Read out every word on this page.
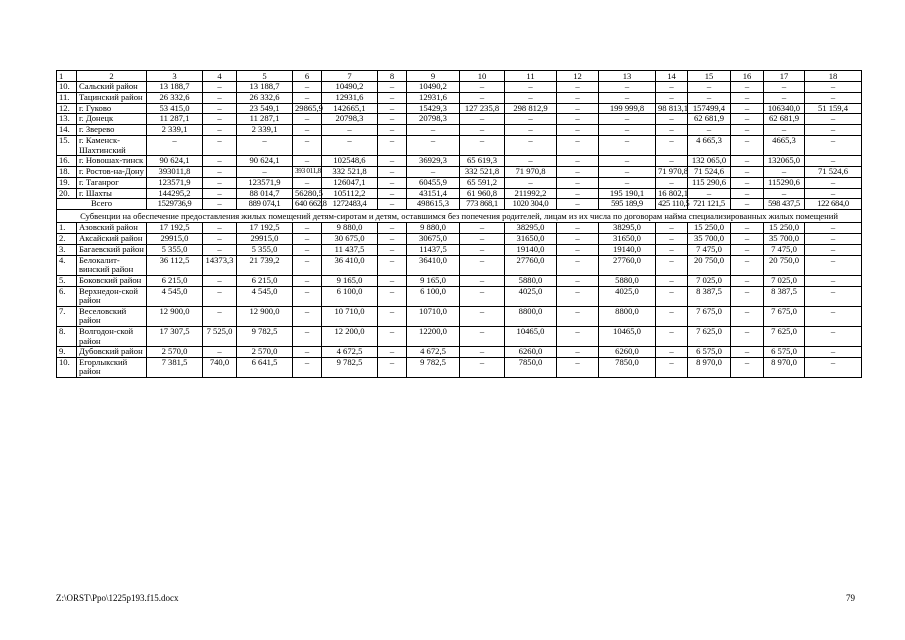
1	2	3	4	5	6	7	8	9	10	11	12	13	14	15	16	17	18
10.	Сальский район	13 188,7	–	13 188,7	–	10490,2	–	10490,2	–	–	–	–	–	–	–	–	–
11.	Тацинский район	26 332,6	–	26 332,6	–	12931,6	–	12931,6	–	–	–	–	–	–	–	–	–
12.	г. Гуково	53 415,0	–	23 549,1	29865,9	142665,1	–	15429,3	127 235,8	298 812,9	–	199 999,8	98 813,1	157499,4	–	106340,0	51 159,4
13.	г. Донецк	11 287,1	–	11 287,1	–	20798,3	–	20798,3	–	–	–	–	–	62 681,9	–	62 681,9	–
14.	г. Зверево	2 339,1	–	2 339,1	–	–	–	–	–	–	–	–	–	–	–	–	–
15.	г. Каменск-Шахтинский	–	–	–	–	–	–	–	–	–	–	–	–	4 665,3	–	4665,3	–
16.	г. Новошах-тинск	90 624,1	–	90 624,1	–	102548,6	–	36929,3	65 619,3	–	–	–	–	132 065,0	–	132065,0	–
18.	г. Ростов-на-Дону	393011,8	–	–	393 011,8	332 521,8	–	–	332 521,8	71 970,8	–	–	71 970,8	71 524,6	–	–	71 524,6
19.	г. Таганрог	123571,9	–	123571,9	–	126047,1	–	60455,9	65 591,2	–	–	–	–	115 290,6	–	115290,6	–
20.	г. Шахты	144295,2	–	88 014,7	56280,5	105112,2	–	43151,4	61 960,8	211992,2	–	195 190,1	16 802,1	–	–	–	–
Всего		1529736,9	–	889 074,1	640 662,8	1272483,4	–	498615,3	773 868,1	1020 304,0	–	595 189,9	425 110,5	721 121,5	–	598 437,5	122 684,0
Субвенции на обеспечение предоставления жилых помещений детям-сиротам и детям, оставшимся без попечения родителей, лицам из их числа по договорам найма специализированных жилых помещений																	
1.	Азовский район	17 192,5	–	17 192,5	–	9 880,0	–	9 880,0	–	38295,0	–	38295,0	–	15 250,0	–	15 250,0	–
2.	Аксайский район	29915,0	–	29915,0	–	30 675,0	–	30675,0	–	31650,0	–	31650,0	–	35 700,0	–	35 700,0	–
3.	Багаевский район	5 355,0	–	5 355,0	–	11 437,5	–	11437,5	–	19140,0	–	19140,0	–	7 475,0	–	7 475,0	–
4.	Белокалит-винский район	36 112,5	14373,3	21 739,2	–	36 410,0	–	36410,0	–	27760,0	–	27760,0	–	20 750,0	–	20 750,0	–
5.	Боковский район	6 215,0	–	6 215,0	–	9 165,0	–	9 165,0	–	5880,0	–	5880,0	–	7 025,0	–	7 025,0	–
6.	Верхнедон-ской район	4 545,0	–	4 545,0	–	6 100,0	–	6 100,0	–	4025,0	–	4025,0	–	8 387,5	–	8 387,5	–
7.	Веселовский район	12 900,0	–	12 900,0	–	10 710,0	–	10710,0	–	8800,0	–	8800,0	–	7 675,0	–	7 675,0	–
8.	Волгодон-ской район	17 307,5	7 525,0	9 782,5	–	12 200,0	–	12200,0	–	10465,0	–	10465,0	–	7 625,0	–	7 625,0	–
9.	Дубовский район	2 570,0	–	2 570,0	–	4 672,5	–	4 672,5	–	6260,0	–	6260,0	–	6 575,0	–	6 575,0	–
10.	Егорлыкский район	7 381,5	740,0	6 641,5	–	9 782,5	–	9 782,5	–	7850,0	–	7850,0	–	8 970,0	–	8 970,0	–
Z:\ORST\Ppo\1225p193.f15.docx	79
